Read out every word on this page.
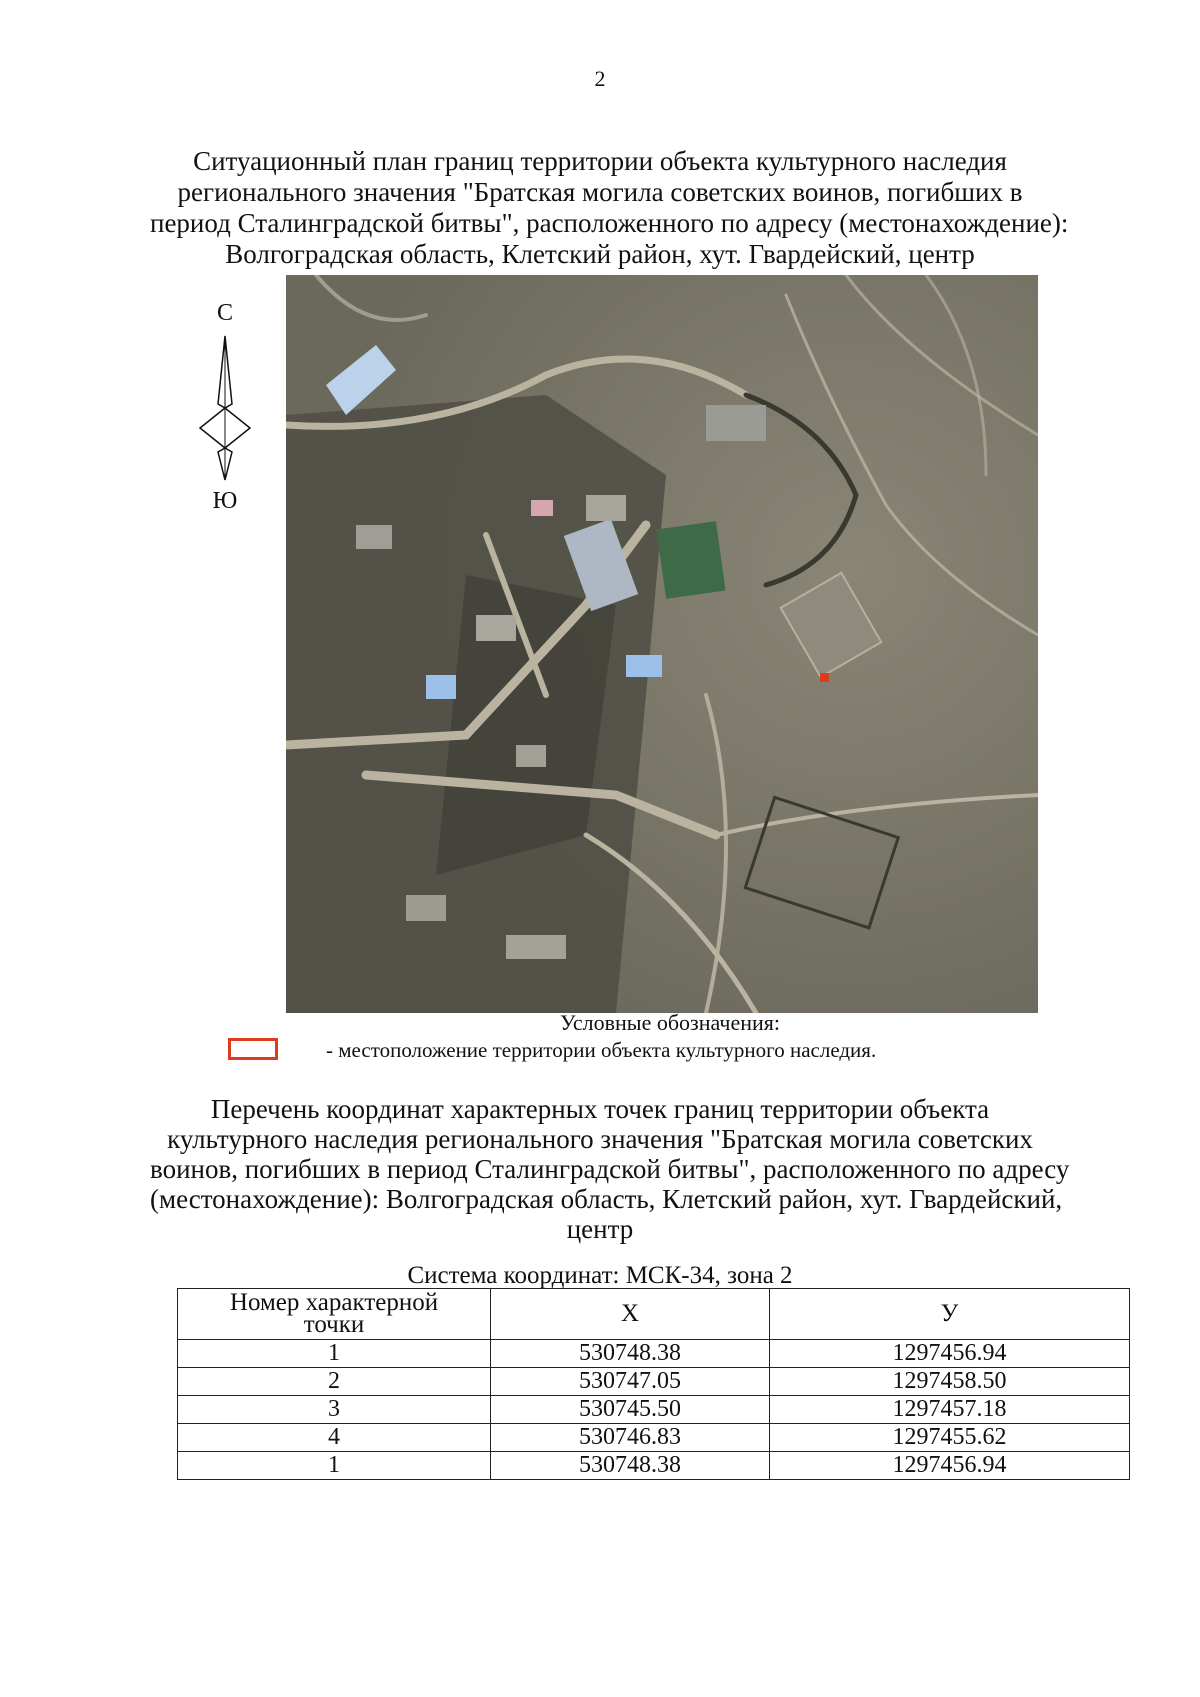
2
Ситуационный план границ территории объекта культурного наследия
регионального значения "Братская могила советских воинов, погибших в
период Сталинградской битвы", расположенного по адресу (местонахождение):
Волгоградская область, Клетский район, хут. Гвардейский, центр
С
Ю
Условные обозначения:
- местоположение территории объекта культурного наследия.
Перечень координат характерных точек границ территории объекта
культурного наследия регионального значения "Братская могила советских
воинов, погибших в период Сталинградской битвы", расположенного по адресу
(местонахождение): Волгоградская область, Клетский район, хут. Гвардейский,
центр
Система координат: МСК-34, зона 2
Номер характерной
точки	Х	У
1	530748.38	1297456.94
2	530747.05	1297458.50
3	530745.50	1297457.18
4	530746.83	1297455.62
1	530748.38	1297456.94
